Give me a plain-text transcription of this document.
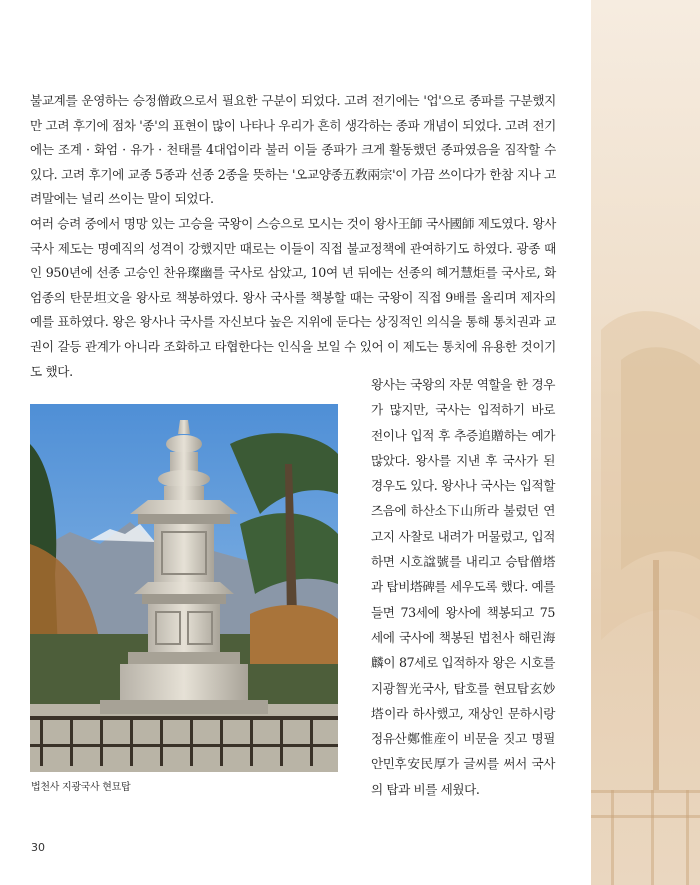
불교계를 운영하는 승정僧政으로서 필요한 구분이 되었다. 고려 전기에는 '업'으로 종파를 구분했지만 고려 후기에 점차 '종'의 표현이 많이 나타나 우리가 흔히 생각하는 종파 개념이 되었다. 고려 전기에는 조계 · 화엄 · 유가 · 천태를 4대업이라 불러 이들 종파가 크게 활동했던 종파였음을 짐작할 수 있다. 고려 후기에 교종 5종과 선종 2종을 뜻하는 '오교양종五敎兩宗'이 가끔 쓰이다가 한참 지나 고려말에는 널리 쓰이는 말이 되었다.

여러 승려 중에서 명망 있는 고승을 국왕이 스승으로 모시는 것이 왕사王師 국사國師 제도였다. 왕사 국사 제도는 명예직의 성격이 강했지만 때로는 이들이 직접 불교정책에 관여하기도 하였다. 광종 때인 950년에 선종 고승인 찬유璨幽를 국사로 삼았고, 10여 년 뒤에는 선종의 혜거慧炬를 국사로, 화엄종의 탄문坦文을 왕사로 책봉하였다. 왕사 국사를 책봉할 때는 국왕이 직접 9배를 올리며 제자의 예를 표하였다. 왕은 왕사나 국사를 자신보다 높은 지위에 둔다는 상징적인 의식을 통해 통치권과 교권이 갈등 관계가 아니라 조화하고 타협한다는 인식을 보일 수 있어 이 제도는 통치에 유용한 것이기도 했다.

법천사 지광국사 현묘탑

왕사는 국왕의 자문 역할을 한 경우가 많지만, 국사는 입적하기 바로 전이나 입적 후 추증追贈하는 예가 많았다. 왕사를 지낸 후 국사가 된 경우도 있다. 왕사나 국사는 입적할 즈음에 하산소下山所라 불렀던 연고지 사찰로 내려가 머물렀고, 입적하면 시호諡號를 내리고 승탑僧塔과 탑비塔碑를 세우도록 했다. 예를 들면 73세에 왕사에 책봉되고 75세에 국사에 책봉된 법천사 해린海麟이 87세로 입적하자 왕은 시호를 지광智光국사, 탑호를 현묘탑玄妙塔이라 하사했고, 재상인 문하시랑 정유산鄭惟産이 비문을 짓고 명필 안민후安民厚가 글씨를 써서 국사의 탑과 비를 세웠다.

30
